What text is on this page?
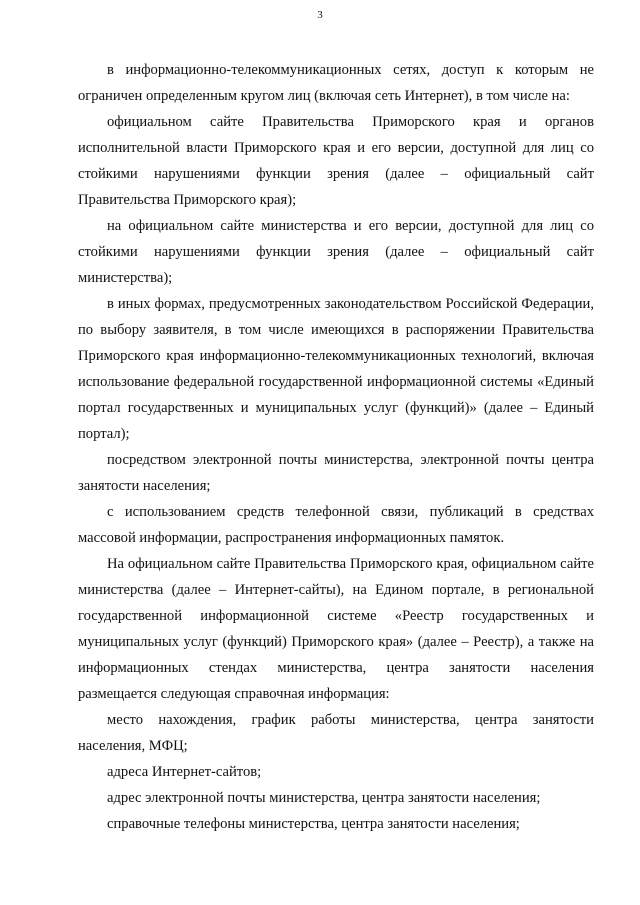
3

в информационно-телекоммуникационных сетях, доступ к которым не ограничен определенным кругом лиц (включая сеть Интернет), в том числе на:

официальном сайте Правительства Приморского края и органов исполнительной власти Приморского края и его версии, доступной для лиц со стойкими нарушениями функции зрения (далее – официальный сайт Правительства Приморского края);

на официальном сайте министерства и его версии, доступной для лиц со стойкими нарушениями функции зрения (далее – официальный сайт министерства);

в иных формах, предусмотренных законодательством Российской Федерации, по выбору заявителя, в том числе имеющихся в распоряжении Правительства Приморского края информационно-телекоммуникационных технологий, включая использование федеральной государственной информационной системы «Единый портал государственных и муниципальных услуг (функций)» (далее – Единый портал);

посредством электронной почты министерства, электронной почты центра занятости населения;

с использованием средств телефонной связи, публикаций в средствах массовой информации, распространения информационных памяток.

На официальном сайте Правительства Приморского края, официальном сайте министерства (далее – Интернет-сайты), на Едином портале, в региональной государственной информационной системе «Реестр государственных и муниципальных услуг (функций) Приморского края» (далее – Реестр), а также на информационных стендах министерства, центра занятости населения размещается следующая справочная информация:

место нахождения, график работы министерства, центра занятости населения, МФЦ;

адреса Интернет-сайтов;

адрес электронной почты министерства, центра занятости населения;

справочные телефоны министерства, центра занятости населения;
